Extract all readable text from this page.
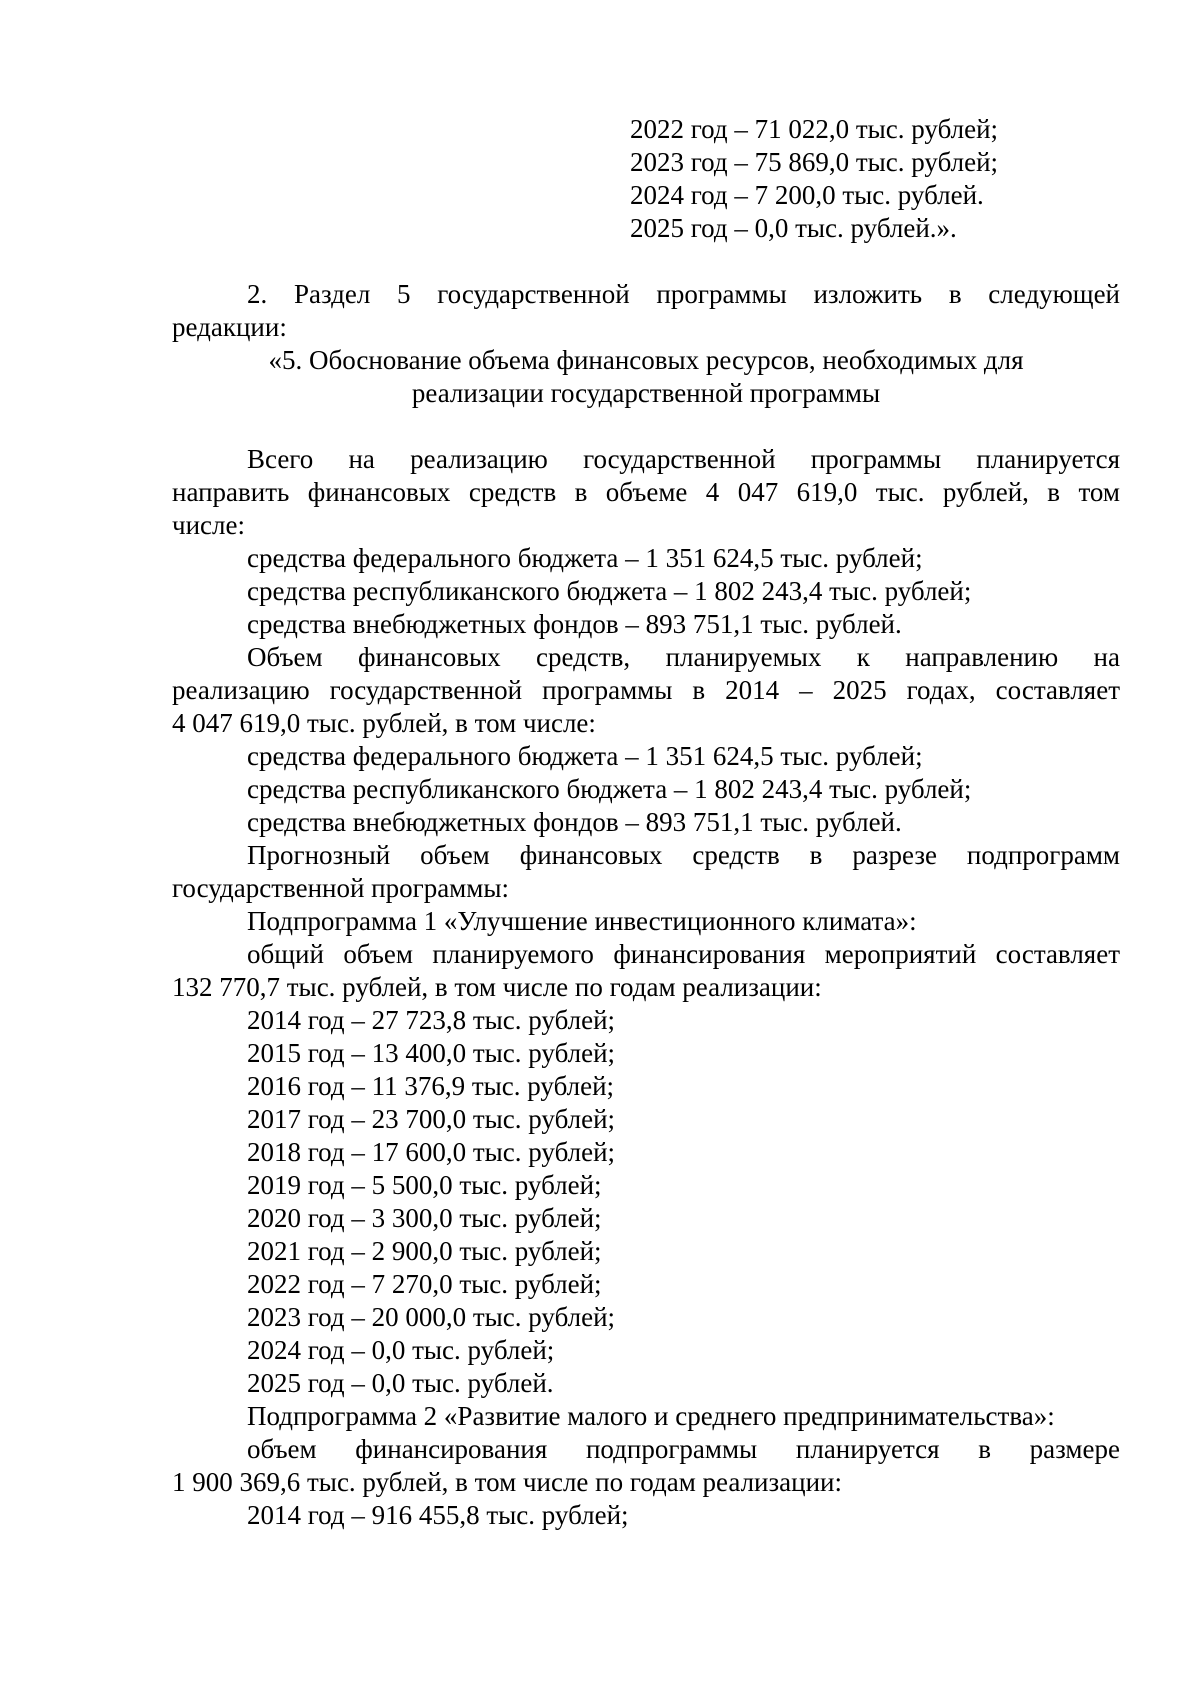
2022 год – 71 022,0 тыс. рублей;
2023 год – 75 869,0 тыс. рублей;
2024 год – 7 200,0 тыс. рублей.
2025 год – 0,0 тыс. рублей.».
2. Раздел 5 государственной программы изложить в следующей
редакции:
«5. Обоснование объема финансовых ресурсов, необходимых для
реализации государственной программы
Всего на реализацию государственной программы планируется
направить финансовых средств в объеме 4 047 619,0 тыс. рублей, в том
числе:
средства федерального бюджета – 1 351 624,5 тыс. рублей;
средства республиканского бюджета – 1 802 243,4 тыс. рублей;
средства внебюджетных фондов – 893 751,1 тыс. рублей.
Объем финансовых средств, планируемых к направлению на
реализацию государственной программы в 2014 – 2025 годах, составляет
4 047 619,0 тыс. рублей, в том числе:
средства федерального бюджета – 1 351 624,5 тыс. рублей;
средства республиканского бюджета – 1 802 243,4 тыс. рублей;
средства внебюджетных фондов – 893 751,1 тыс. рублей.
Прогнозный объем финансовых средств в разрезе подпрограмм
государственной программы:
Подпрограмма 1 «Улучшение инвестиционного климата»:
общий объем планируемого финансирования мероприятий составляет
132 770,7 тыс. рублей, в том числе по годам реализации:
2014 год – 27 723,8 тыс. рублей;
2015 год – 13 400,0 тыс. рублей;
2016 год – 11 376,9 тыс. рублей;
2017 год – 23 700,0 тыс. рублей;
2018 год – 17 600,0 тыс. рублей;
2019 год – 5 500,0 тыс. рублей;
2020 год – 3 300,0 тыс. рублей;
2021 год – 2 900,0 тыс. рублей;
2022 год – 7 270,0 тыс. рублей;
2023 год – 20 000,0 тыс. рублей;
2024 год – 0,0 тыс. рублей;
2025 год – 0,0 тыс. рублей.
Подпрограмма 2 «Развитие малого и среднего предпринимательства»:
объем финансирования подпрограммы планируется в размере
1 900 369,6 тыс. рублей, в том числе по годам реализации:
2014 год – 916 455,8 тыс. рублей;
